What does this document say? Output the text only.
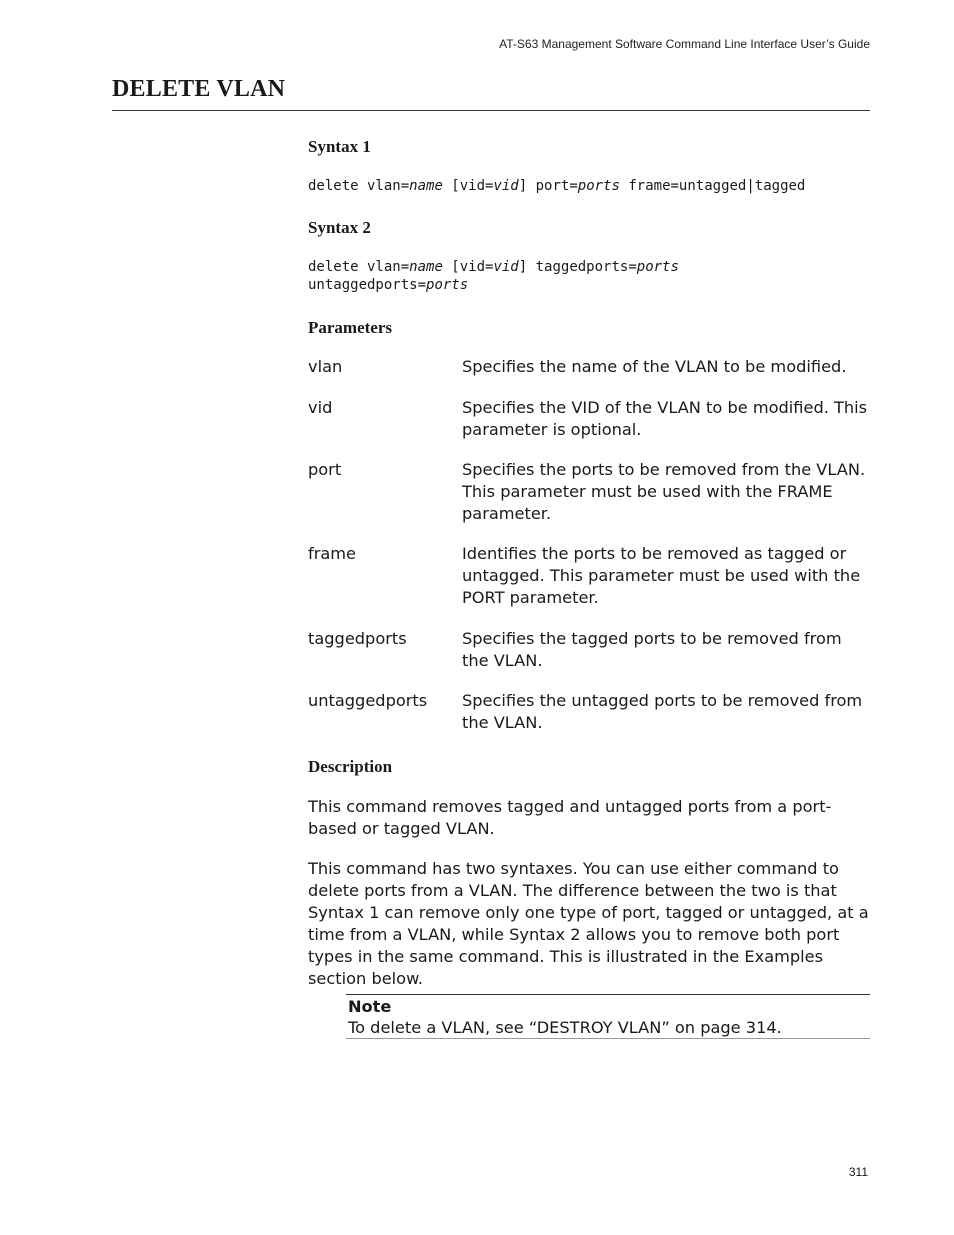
AT-S63 Management Software Command Line Interface User’s Guide
DELETE VLAN
Syntax 1
delete vlan=name [vid=vid] port=ports frame=untagged|tagged
Syntax 2
delete vlan=name [vid=vid] taggedports=ports
untaggedports=ports
Parameters
vlan	Specifies the name of the VLAN to be modified.
vid	Specifies the VID of the VLAN to be modified. This parameter is optional.
port	Specifies the ports to be removed from the VLAN. This parameter must be used with the FRAME parameter.
frame	Identifies the ports to be removed as tagged or untagged. This parameter must be used with the PORT parameter.
taggedports	Specifies the tagged ports to be removed from the VLAN.
untaggedports Specifies the untagged ports to be removed from the VLAN.
Description

This command removes tagged and untagged ports from a port-based or tagged VLAN.

This command has two syntaxes. You can use either command to delete ports from a VLAN. The difference between the two is that Syntax 1 can remove only one type of port, tagged or untagged, at a time from a VLAN, while Syntax 2 allows you to remove both port types in the same command. This is illustrated in the Examples section below.

Note
To delete a VLAN, see “DESTROY VLAN” on page 314.
311
